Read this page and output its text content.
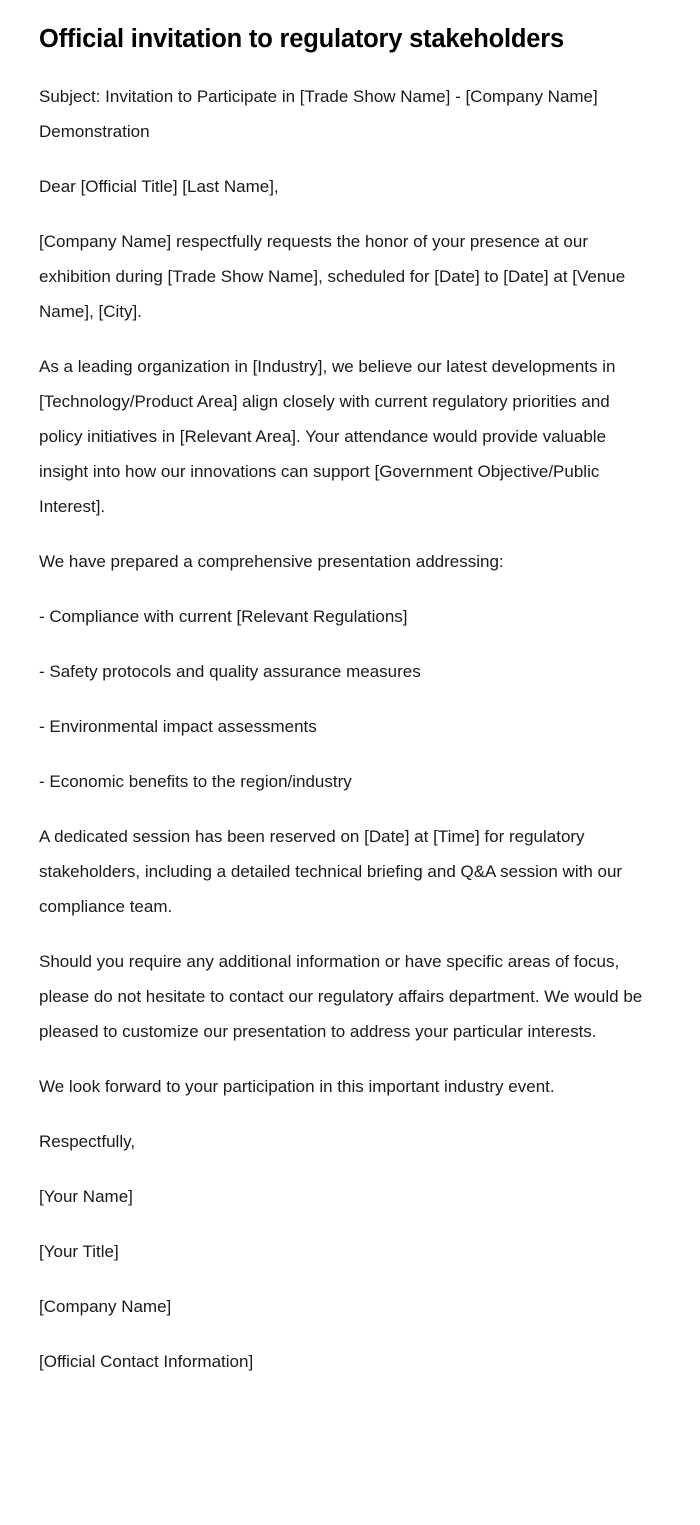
Official invitation to regulatory stakeholders

Subject: Invitation to Participate in [Trade Show Name] - [Company Name] Demonstration

Dear [Official Title] [Last Name],

[Company Name] respectfully requests the honor of your presence at our exhibition during [Trade Show Name], scheduled for [Date] to [Date] at [Venue Name], [City].

As a leading organization in [Industry], we believe our latest developments in [Technology/Product Area] align closely with current regulatory priorities and policy initiatives in [Relevant Area]. Your attendance would provide valuable insight into how our innovations can support [Government Objective/Public Interest].

We have prepared a comprehensive presentation addressing:

- Compliance with current [Relevant Regulations]

- Safety protocols and quality assurance measures

- Environmental impact assessments

- Economic benefits to the region/industry

A dedicated session has been reserved on [Date] at [Time] for regulatory stakeholders, including a detailed technical briefing and Q&A session with our compliance team.

Should you require any additional information or have specific areas of focus, please do not hesitate to contact our regulatory affairs department. We would be pleased to customize our presentation to address your particular interests.

We look forward to your participation in this important industry event.

Respectfully,

[Your Name]

[Your Title]

[Company Name]

[Official Contact Information]
